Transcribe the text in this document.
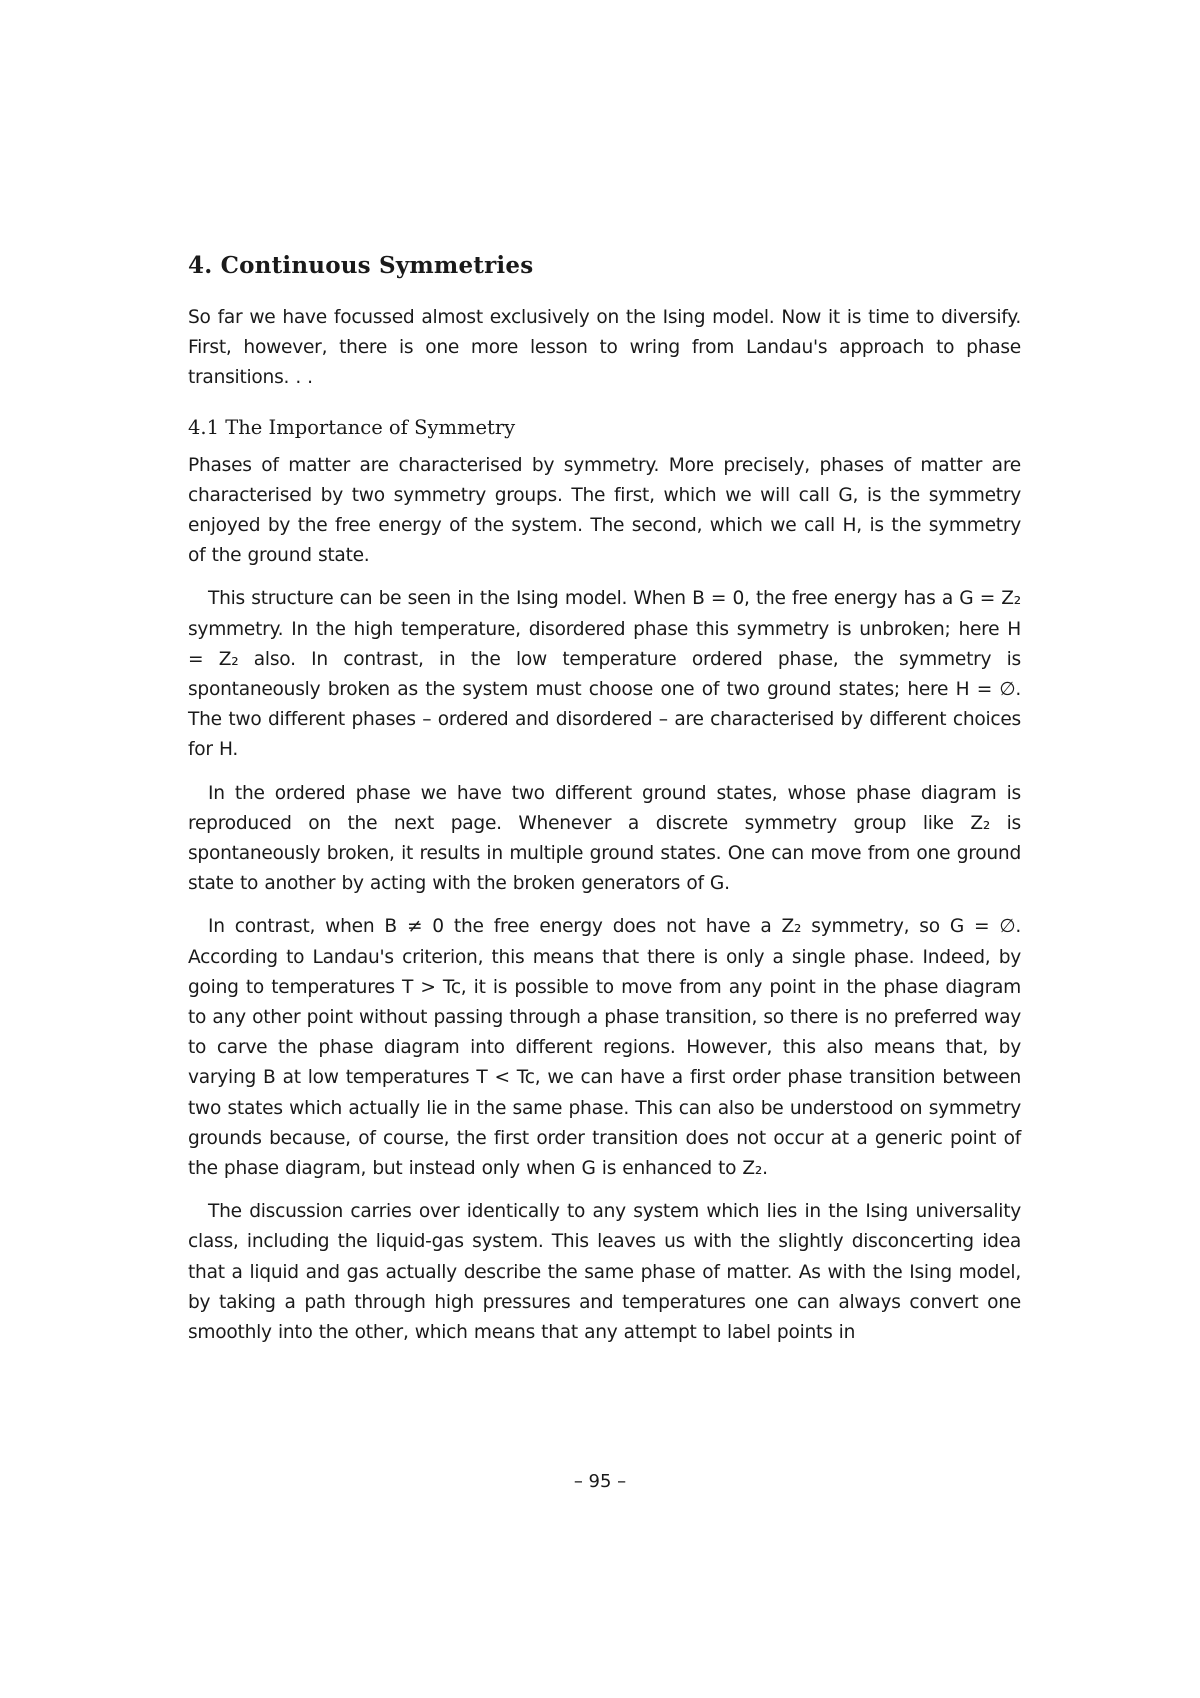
4. Continuous Symmetries

So far we have focussed almost exclusively on the Ising model. Now it is time to diversify. First, however, there is one more lesson to wring from Landau's approach to phase transitions. . .

4.1 The Importance of Symmetry

Phases of matter are characterised by symmetry. More precisely, phases of matter are characterised by two symmetry groups. The first, which we will call G, is the symmetry enjoyed by the free energy of the system. The second, which we call H, is the symmetry of the ground state.

This structure can be seen in the Ising model. When B = 0, the free energy has a G = Z₂ symmetry. In the high temperature, disordered phase this symmetry is unbroken; here H = Z₂ also. In contrast, in the low temperature ordered phase, the symmetry is spontaneously broken as the system must choose one of two ground states; here H = ∅. The two different phases – ordered and disordered – are characterised by different choices for H.

In the ordered phase we have two different ground states, whose phase diagram is reproduced on the next page. Whenever a discrete symmetry group like Z₂ is spontaneously broken, it results in multiple ground states. One can move from one ground state to another by acting with the broken generators of G.

In contrast, when B ≠ 0 the free energy does not have a Z₂ symmetry, so G = ∅. According to Landau's criterion, this means that there is only a single phase. Indeed, by going to temperatures T > Tc, it is possible to move from any point in the phase diagram to any other point without passing through a phase transition, so there is no preferred way to carve the phase diagram into different regions. However, this also means that, by varying B at low temperatures T < Tc, we can have a first order phase transition between two states which actually lie in the same phase. This can also be understood on symmetry grounds because, of course, the first order transition does not occur at a generic point of the phase diagram, but instead only when G is enhanced to Z₂.

The discussion carries over identically to any system which lies in the Ising universality class, including the liquid-gas system. This leaves us with the slightly disconcerting idea that a liquid and gas actually describe the same phase of matter. As with the Ising model, by taking a path through high pressures and temperatures one can always convert one smoothly into the other, which means that any attempt to label points in

– 95 –
